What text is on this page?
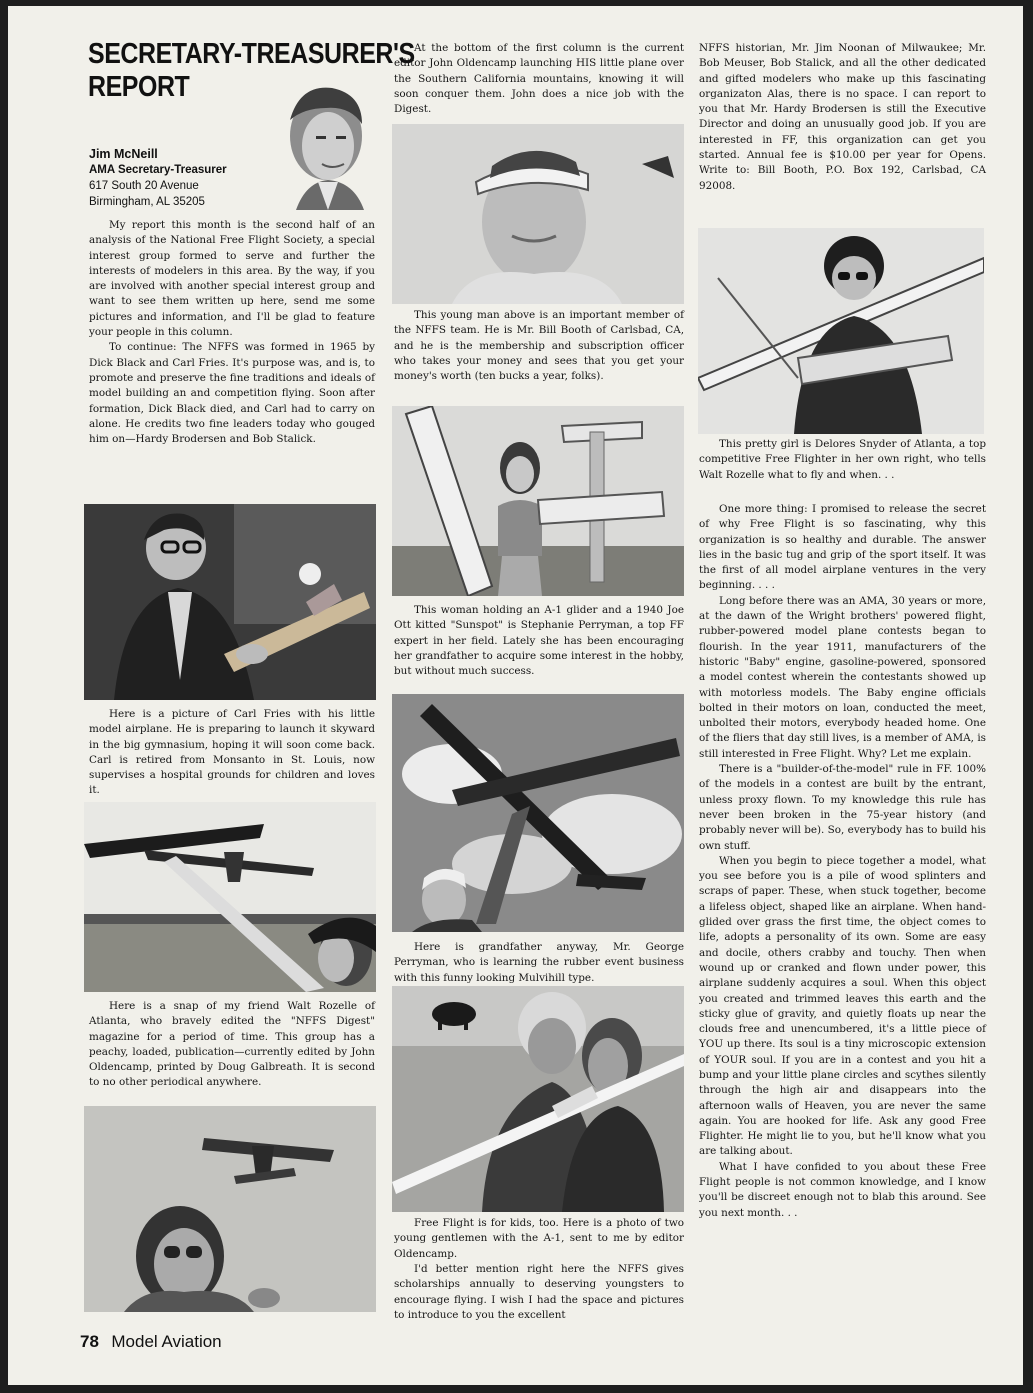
SECRETARY-TREASURER'S
REPORT
Jim McNeill
AMA Secretary-Treasurer
617 South 20 Avenue
Birmingham, AL 35205

My report this month is the second half of an analysis of the National Free Flight Society, a special interest group formed to serve and further the interests of modelers in this area. By the way, if you are involved with another special interest group and want to see them written up here, send me some pictures and information, and I'll be glad to feature your people in this column.

To continue: The NFFS was formed in 1965 by Dick Black and Carl Fries. It's purpose was, and is, to promote and preserve the fine traditions and ideals of model building an and competition flying. Soon after formation, Dick Black died, and Carl had to carry on alone. He credits two fine leaders today who gouged him on—Hardy Brodersen and Bob Stalick.

Here is a picture of Carl Fries with his little model airplane. He is preparing to launch it skyward in the big gymnasium, hoping it will soon come back. Carl is retired from Monsanto in St. Louis, now supervises a hospital grounds for children and loves it.

Here is a snap of my friend Walt Rozelle of Atlanta, who bravely edited the "NFFS Digest" magazine for a period of time. This group has a peachy, loaded, publication—currently edited by John Oldencamp, printed by Doug Galbreath. It is second to no other periodical anywhere.

78 Model Aviation

At the bottom of the first column is the current editor John Oldencamp launching HIS little plane over the Southern California mountains, knowing it will soon conquer them. John does a nice job with the Digest.

This young man above is an important member of the NFFS team. He is Mr. Bill Booth of Carlsbad, CA, and he is the membership and subscription officer who takes your money and sees that you get your money's worth (ten bucks a year, folks).

This woman holding an A-1 glider and a 1940 Joe Ott kitted "Sunspot" is Stephanie Perryman, a top FF expert in her field. Lately she has been encouraging her grandfather to acquire some interest in the hobby, but without much success.

Here is grandfather anyway, Mr. George Perryman, who is learning the rubber event business with this funny looking Mulvihill type.

Free Flight is for kids, too. Here is a photo of two young gentlemen with the A-1, sent to me by editor Oldencamp.

I'd better mention right here the NFFS gives scholarships annually to deserving youngsters to encourage flying. I wish I had the space and pictures to introduce to you the excellent

NFFS historian, Mr. Jim Noonan of Milwaukee; Mr. Bob Meuser, Bob Stalick, and all the other dedicated and gifted modelers who make up this fascinating organizaton Alas, there is no space. I can report to you that Mr. Hardy Brodersen is still the Executive Director and doing an unusually good job. If you are interested in FF, this organization can get you started. Annual fee is $10.00 per year for Opens. Write to: Bill Booth, P.O. Box 192, Carlsbad, CA 92008.

This pretty girl is Delores Snyder of Atlanta, a top competitive Free Flighter in her own right, who tells Walt Rozelle what to fly and when. . .

One more thing: I promised to release the secret of why Free Flight is so fascinating, why this organization is so healthy and durable. The answer lies in the basic tug and grip of the sport itself. It was the first of all model airplane ventures in the very beginning. . . .

Long before there was an AMA, 30 years or more, at the dawn of the Wright brothers' powered flight, rubber-powered model plane contests began to flourish. In the year 1911, manufacturers of the historic "Baby" engine, gasoline-powered, sponsored a model contest wherein the contestants showed up with motorless models. The Baby engine officials bolted in their motors on loan, conducted the meet, unbolted their motors, everybody headed home. One of the fliers that day still lives, is a member of AMA, is still interested in Free Flight. Why? Let me explain.

There is a "builder-of-the-model" rule in FF. 100% of the models in a contest are built by the entrant, unless proxy flown. To my knowledge this rule has never been broken in the 75-year history (and probably never will be). So, everybody has to build his own stuff.

When you begin to piece together a model, what you see before you is a pile of wood splinters and scraps of paper. These, when stuck together, become a lifeless object, shaped like an airplane. When hand-glided over grass the first time, the object comes to life, adopts a personality of its own. Some are easy and docile, others crabby and touchy. Then when wound up or cranked and flown under power, this airplane suddenly acquires a soul. When this object you created and trimmed leaves this earth and the sticky glue of gravity, and quietly floats up near the clouds free and unencumbered, it's a little piece of YOU up there. Its soul is a tiny microscopic extension of YOUR soul. If you are in a contest and you hit a bump and your little plane circles and scythes silently through the high air and disappears into the afternoon walls of Heaven, you are never the same again. You are hooked for life. Ask any good Free Flighter. He might lie to you, but he'll know what you are talking about.

What I have confided to you about these Free Flight people is not common knowledge, and I know you'll be discreet enough not to blab this around. See you next month. . .
